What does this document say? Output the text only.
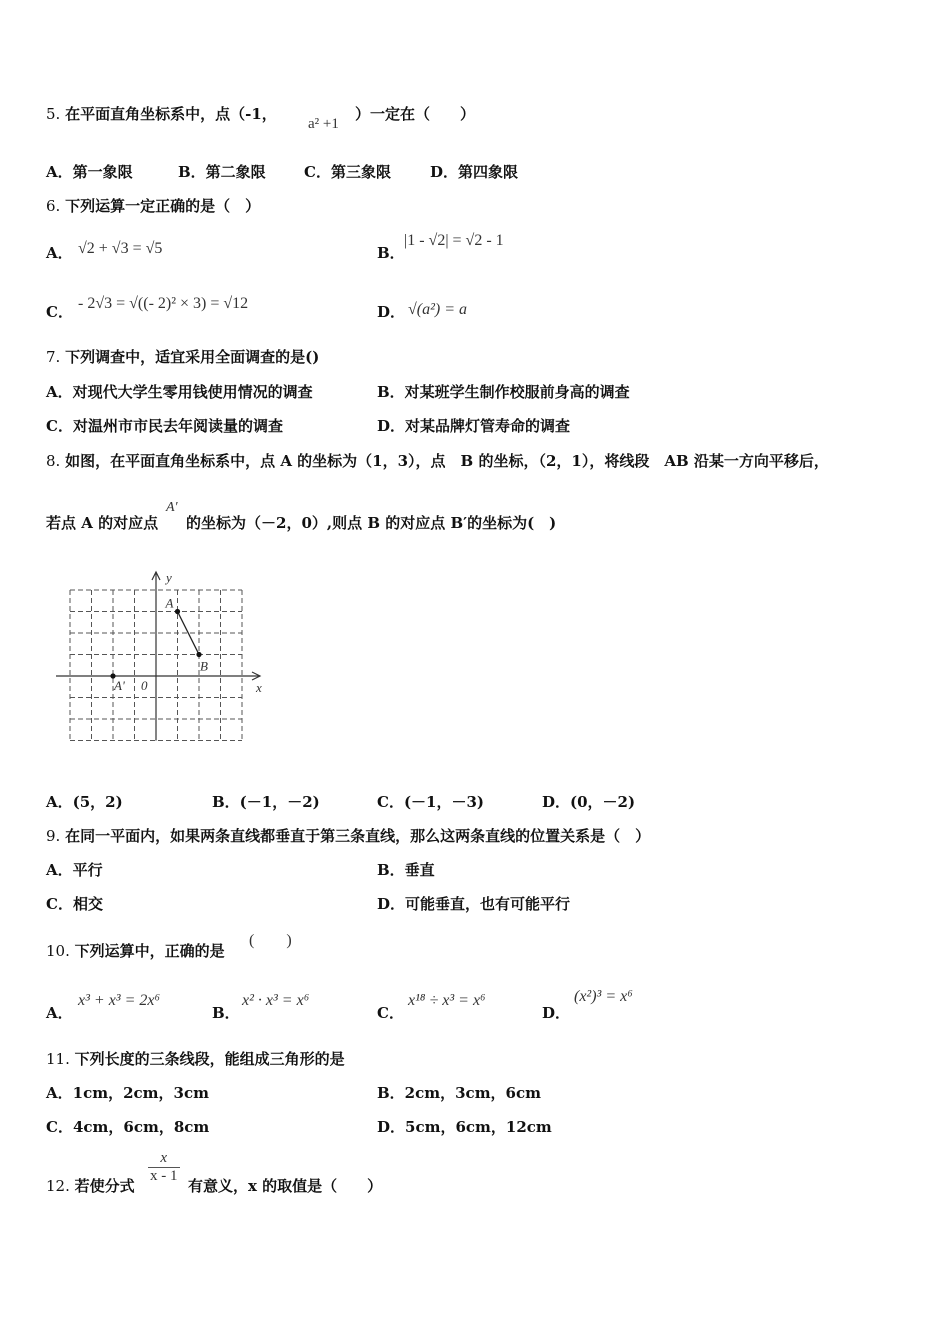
5. 在平面直角坐标系中，点（-1，
a² +1
）一定在（　　）
A．第一象限	B．第二象限	C．第三象限	D．第四象限
6. 下列运算一定正确的是（　）
A． √2 + √3 = √5	B．
|1 - √2| = √2 - 1
C． - 2√3 = √((- 2)² × 3) = √12	D． √(a²) = a
7. 下列调查中，适宜采用全面调查的是()
A．对现代大学生零用钱使用情况的调查	B．对某班学生制作校服前身高的调查
C．对温州市市民去年阅读量的调查	D．对某品牌灯管寿命的调查
8. 如图，在平面直角坐标系中，点 A 的坐标为（1，3），点　B 的坐标，（2，1），将线段　AB 沿某一方向平移后，
若点 A 的对应点
A′
的坐标为（－2，0）,则点 B 的对应点 B′的坐标为(　)
x
y
0
A
B
A'
A．(5，2)	B．(－1，－2)	C．(－1，－3)	D．(0，－2)
9. 在同一平面内，如果两条直线都垂直于第三条直线，那么这两条直线的位置关系是（　）
A．平行	B．垂直
C．相交	D．可能垂直，也有可能平行
10. 下列运算中，正确的是
(　　)
A．
x³ + x³ = 2x⁶
B．
x² · x³ = x⁶
C．
x¹⁸ ÷ x³ = x⁶
D．
(x²)³ = x⁶
11. 下列长度的三条线段，能组成三角形的是
A．1cm，2cm，3cm	B．2cm，3cm，6cm
C．4cm，6cm，8cm	D．5cm，6cm，12cm
12. 若使分式
$\frac{x}{x - 1}$
有意义，x 的取值是（　　）
